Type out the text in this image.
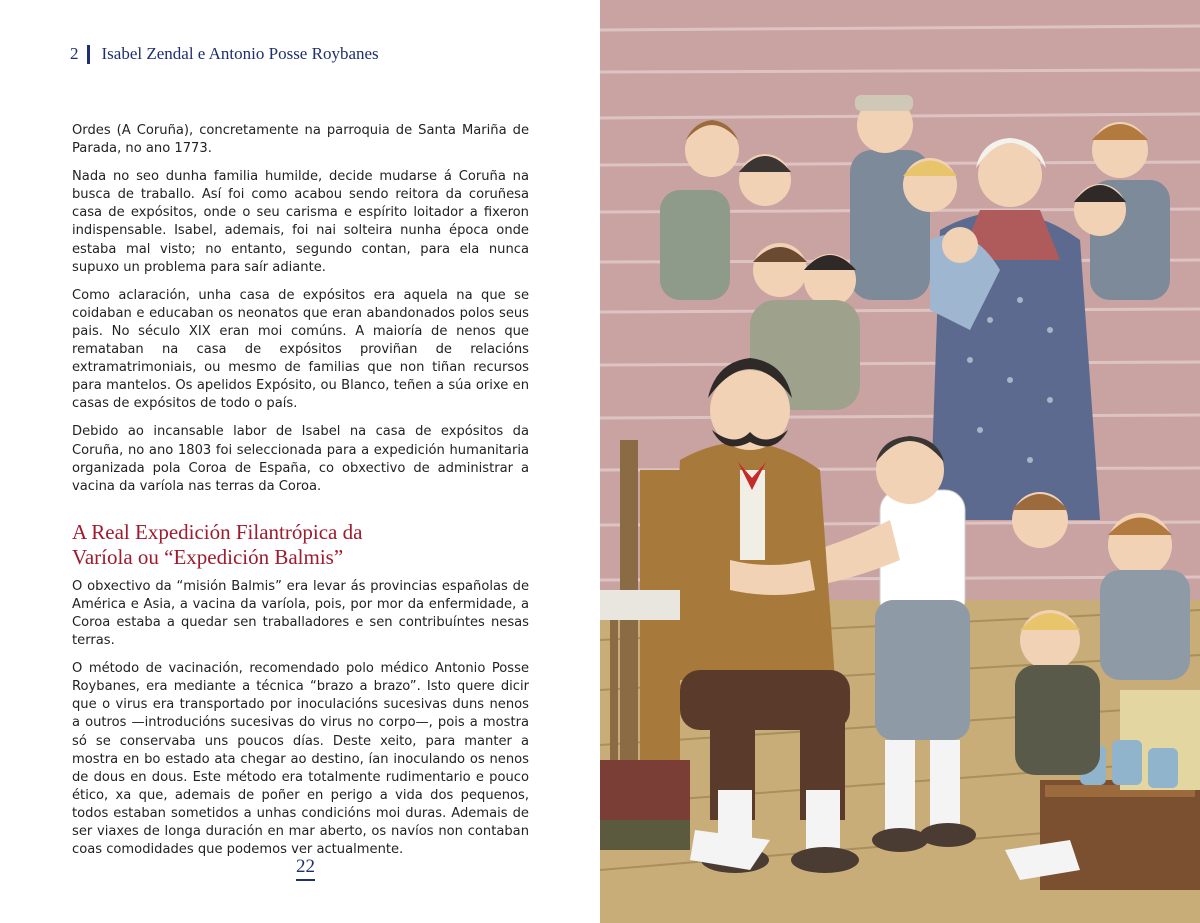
2 Isabel Zendal e Antonio Posse Roybanes

Ordes (A Coruña), concretamente na parroquia de Santa Mariña de Parada, no ano 1773.

Nada no seo dunha familia humilde, decide mudarse á Coruña na busca de traballo. Así foi como acabou sendo reitora da coruñesa casa de expósitos, onde o seu carisma e espírito loitador a fixeron indispensable. Isabel, ademais, foi nai solteira nunha época onde estaba mal visto; no entanto, segundo contan, para ela nunca supuxo un problema para saír adiante.

Como aclaración, unha casa de expósitos era aquela na que se coidaban e educaban os neonatos que eran abandonados polos seus pais. No século XIX eran moi comúns. A maioría de nenos que remataban na casa de expósitos proviñan de relacións extramatrimoniais, ou mesmo de familias que non tiñan recursos para mantelos. Os apelidos Expósito, ou Blanco, teñen a súa orixe en casas de expósitos de todo o país.

Debido ao incansable labor de Isabel na casa de expósitos da Coruña, no ano 1803 foi seleccionada para a expedición humanitaria organizada pola Coroa de España, co obxectivo de administrar a vacina da varíola nas terras da Coroa.

A Real Expedición Filantrópica da
Varíola ou “Expedición Balmis”

O obxectivo da “misión Balmis” era levar ás provincias españolas de América e Asia, a vacina da varíola, pois, por mor da enfermidade, a Coroa estaba a quedar sen traballadores e sen contribuíntes nesas terras.

O método de vacinación, recomendado polo médico Antonio Posse Roybanes, era mediante a técnica “brazo a brazo”. Isto quere dicir que o virus era transportado por inoculacións sucesivas duns nenos a outros —introducións sucesivas do virus no corpo—, pois a mostra só se conservaba uns poucos días. Deste xeito, para manter a mostra en bo estado ata chegar ao destino, ían inoculando os nenos de dous en dous. Este método era totalmente rudimentario e pouco ético, xa que, ademais de poñer en perigo a vida dos pequenos, todos estaban sometidos a unhas condicións moi duras. Ademais de ser viaxes de longa duración en mar aberto, os navíos non contaban coas comodidades que podemos ver actualmente.

22
